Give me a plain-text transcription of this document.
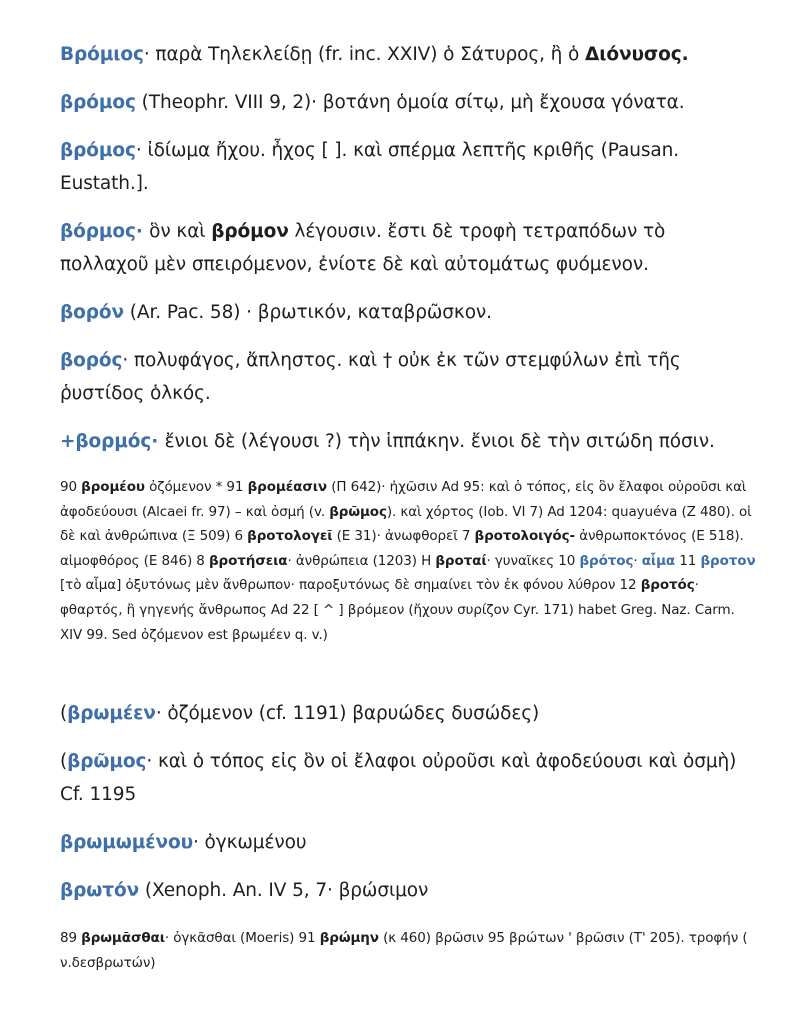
Βρόμιος· παρὰ Τηλεκλείδῃ (fr. inc. XXIV) ὁ Σάτυρος, ἢ ὁ Διόνυσος.
βρόμος (Theophr. VIII 9, 2)· βοτάνη ὁμοία σίτῳ, μὴ ἔχουσα γόνατα.
βρόμος· ἰδίωμα ἤχου. ἦχος [ ]. καὶ σπέρμα λεπτῆς κριθῆς (Pausan. Eustath.].
βόρμος· ὃν καὶ βρόμον λέγουσιν. ἔστι δὲ τροφὴ τετραπόδων τὸ πολλαχοῦ μὲν σπειρόμενον, ἐνίοτε δὲ καὶ αὐτομάτως φυόμενον.
βορόν (Ar. Pac. 58) · βρωτικόν, καταβρῶσκον.
βορός· πολυφάγος, ἄπληστος. καὶ † οὐκ ἐκ τῶν στεμφύλων ἐπὶ τῆς ῥυστίδος ὁλκός.
+βορμός· ἔνιοι δὲ (λέγουσι ?) τὴν ἱππάκην. ἔνιοι δὲ τὴν σιτώδη πόσιν.
90 βρομέου ὀζόμενον * 91 βρομέασιν (Π 642)· ἠχῶσιν Ad 95: καὶ ὁ τόπος, εἰς ὃν ἔλαφοι οὐροῦσι καὶ ἀφοδεύουσι (Alcaei fr. 97) – καὶ ὀσμή (v. βρῶμος). καὶ χόρτος (Iob. VI 7) Ad 1204: quayuéva (Z 480). οἱ δὲ καὶ ἀνθρώπινα (Ξ 509) 6 βροτολογεῖ (Ε 31)· ἀνωφθορεῖ 7 βροτολοιγός- ἀνθρωποκτόνος (Ε 518). αἱμοφθόρος (Ε 846) 8 βροτήσεια· ἀνθρώπεια (1203) H βροταί· γυναῖκες 10 βρότος· αἷμα 11 βροτον [τὸ αἷμα] ὀξυτόνως μὲν ἄνθρωπον· παροξυτόνως δὲ σημαίνει τὸν ἐκ φόνου λύθρον 12 βροτός· φθαρτός, ἢ γηγενής ἄνθρωπος Ad 22 [ ^ ] βρόμεον (ἤχουν συρίζον Cyr. 171) habet Greg. Naz. Carm. XIV 99. Sed ὀζόμενον est βρωμέεν q. v.)
(βρωμέεν· ὀζόμενον (cf. 1191) βαρυώδες δυσώδες)
(βρῶμος· καὶ ὁ τόπος εἰς ὃν οἱ ἔλαφοι οὐροῦσι καὶ ἀφοδεύουσι καὶ ὀσμὴ) Cf. 1195
βρωμωμένου· ὀγκωμένου
βρωτόν (Xenoph. An. IV 5, 7· βρώσιμον
89 βρωμᾶσθαι· ὀγκᾶσθαι (Moeris) 91 βρώμην (κ 460) βρῶσιν 95 βρώτων ' βρῶσιν (Τ' 205). τροφήν ( ν.δεσβρωτών)
